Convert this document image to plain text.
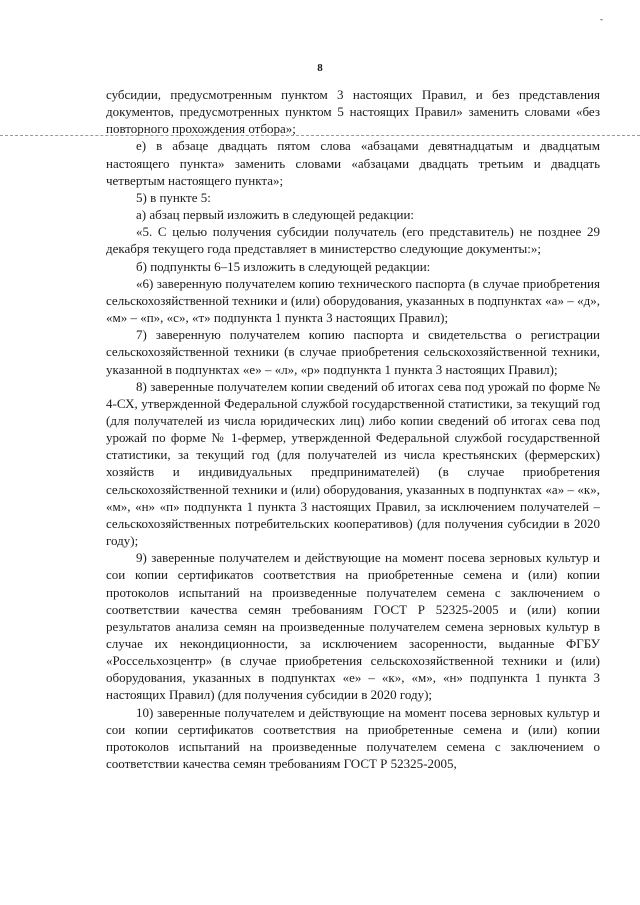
-
8

субсидии, предусмотренным пунктом 3 настоящих Правил, и без представления документов, предусмотренных пунктом 5 настоящих Правил» заменить словами «без повторного прохождения отбора»;

е) в абзаце двадцать пятом слова «абзацами девятнадцатым и двадцатым настоящего пункта» заменить словами «абзацами двадцать третьим и двадцать четвертым настоящего пункта»;

5) в пункте 5:

а) абзац первый изложить в следующей редакции:

«5. С целью получения субсидии получатель (его представитель) не позднее 29 декабря текущего года представляет в министерство следующие документы:»;

б) подпункты 6–15 изложить в следующей редакции:

«6) заверенную получателем копию технического паспорта (в случае приобретения сельскохозяйственной техники и (или) оборудования, указанных в подпунктах «а» – «д», «м» – «п», «с», «т» подпункта 1 пункта 3 настоящих Правил);

7) заверенную получателем копию паспорта и свидетельства о регистрации сельскохозяйственной техники (в случае приобретения сельскохозяйственной техники, указанной в подпунктах «е» – «л», «р» подпункта 1 пункта 3 настоящих Правил);

8) заверенные получателем копии сведений об итогах сева под урожай по форме № 4-СХ, утвержденной Федеральной службой государственной статистики, за текущий год (для получателей из числа юридических лиц) либо копии сведений об итогах сева под урожай по форме № 1-фермер, утвержденной Федеральной службой государственной статистики, за текущий год (для получателей из числа крестьянских (фермерских) хозяйств и индивидуальных предпринимателей) (в случае приобретения сельскохозяйственной техники и (или) оборудования, указанных в подпунктах «а» – «к», «м», «н» «п» подпункта 1 пункта 3 настоящих Правил, за исключением получателей – сельскохозяйственных потребительских кооперативов) (для получения субсидии в 2020 году);

9) заверенные получателем и действующие на момент посева зерновых культур и сои копии сертификатов соответствия на приобретенные семена и (или) копии протоколов испытаний на произведенные получателем семена с заключением о соответствии качества семян требованиям ГОСТ Р 52325-2005 и (или) копии результатов анализа семян на произведенные получателем семена зерновых культур в случае их некондиционности, за исключением засоренности, выданные ФГБУ «Россельхозцентр» (в случае приобретения сельскохозяйственной техники и (или) оборудования, указанных в подпунктах «е» – «к», «м», «н» подпункта 1 пункта 3 настоящих Правил) (для получения субсидии в 2020 году);

10) заверенные получателем и действующие на момент посева зерновых культур и сои копии сертификатов соответствия на приобретенные семена и (или) копии протоколов испытаний на произведенные получателем семена с заключением о соответствии качества семян требованиям ГОСТ Р 52325-2005,
